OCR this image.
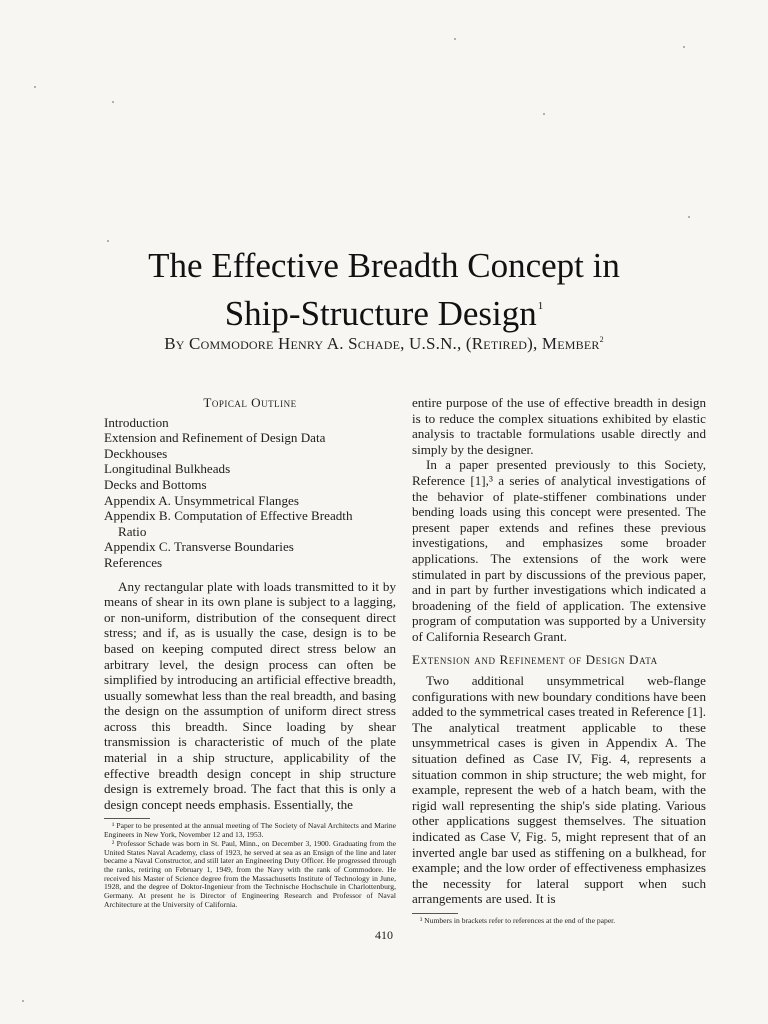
The Effective Breadth Concept in
Ship-Structure Design$^1$
By Commodore Henry A. Schade, U.S.N., (Retired), Member$^2$
Topical Outline
Introduction
Extension and Refinement of Design Data
Deckhouses
Longitudinal Bulkheads
Decks and Bottoms
Appendix A. Unsymmetrical Flanges
Appendix B. Computation of Effective Breadth
Ratio
Appendix C. Transverse Boundaries
References

Any rectangular plate with loads transmitted to it by means of shear in its own plane is subject to a lagging, or non-uniform, distribution of the consequent direct stress; and if, as is usually the case, design is to be based on keeping computed direct stress below an arbitrary level, the design process can often be simplified by introducing an artificial effective breadth, usually somewhat less than the real breadth, and basing the design on the assumption of uniform direct stress across this breadth. Since loading by shear transmission is characteristic of much of the plate material in a ship structure, applicability of the effective breadth design concept in ship structure design is extremely broad. The fact that this is only a design concept needs emphasis. Essentially, the

¹ Paper to be presented at the annual meeting of The Society of Naval Architects and Marine Engineers in New York, November 12 and 13, 1953.

² Professor Schade was born in St. Paul, Minn., on December 3, 1900. Graduating from the United States Naval Academy, class of 1923, he served at sea as an Ensign of the line and later became a Naval Constructor, and still later an Engineering Duty Officer. He progressed through the ranks, retiring on February 1, 1949, from the Navy with the rank of Commodore. He received his Master of Science degree from the Massachusetts Institute of Technology in June, 1928, and the degree of Doktor-Ingenieur from the Technische Hochschule in Charlottenburg, Germany. At present he is Director of Engineering Research and Professor of Naval Architecture at the University of California.

entire purpose of the use of effective breadth in design is to reduce the complex situations exhibited by elastic analysis to tractable formulations usable directly and simply by the designer.

In a paper presented previously to this Society, Reference [1],³ a series of analytical investigations of the behavior of plate-stiffener combinations under bending loads using this concept were presented. The present paper extends and refines these previous investigations, and emphasizes some broader applications. The extensions of the work were stimulated in part by discussions of the previous paper, and in part by further investigations which indicated a broadening of the field of application. The extensive program of computation was supported by a University of California Research Grant.

Extension and Refinement of Design Data

Two additional unsymmetrical web-flange configurations with new boundary conditions have been added to the symmetrical cases treated in Reference [1]. The analytical treatment applicable to these unsymmetrical cases is given in Appendix A. The situation defined as Case IV, Fig. 4, represents a situation common in ship structure; the web might, for example, represent the web of a hatch beam, with the rigid wall representing the ship's side plating. Various other applications suggest themselves. The situation indicated as Case V, Fig. 5, might represent that of an inverted angle bar used as stiffening on a bulkhead, for example; and the low order of effectiveness emphasizes the necessity for lateral support when such arrangements are used. It is

³ Numbers in brackets refer to references at the end of the paper.

410
